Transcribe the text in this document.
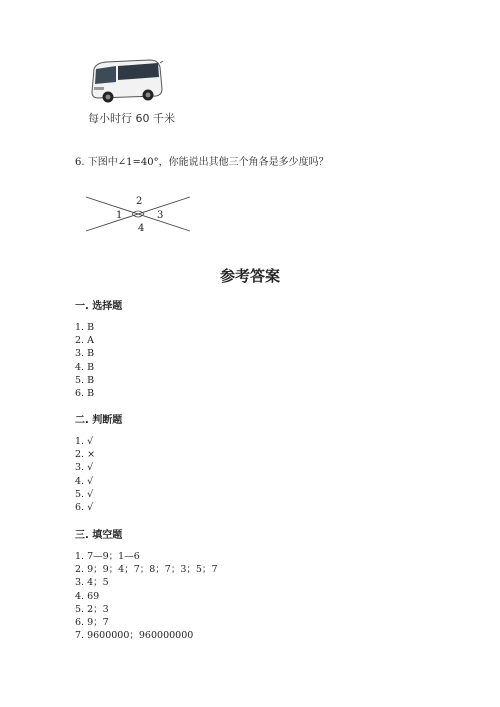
每小时行 60 千米
6. 下图中∠1=40°，你能说出其他三个角各是多少度吗？
1
2
3
4
参考答案
一. 选择题
1. B
2. A
3. B
4. B
5. B
6. B
二. 判断题
1. √
2. ×
3. √
4. √
5. √
6. √
三. 填空题
1. 7—9；1—6
2. 9；9；4；7；8；7；3；5；7
3. 4；5
4. 69
5. 2；3
6. 9；7
7. 9600000；960000000
